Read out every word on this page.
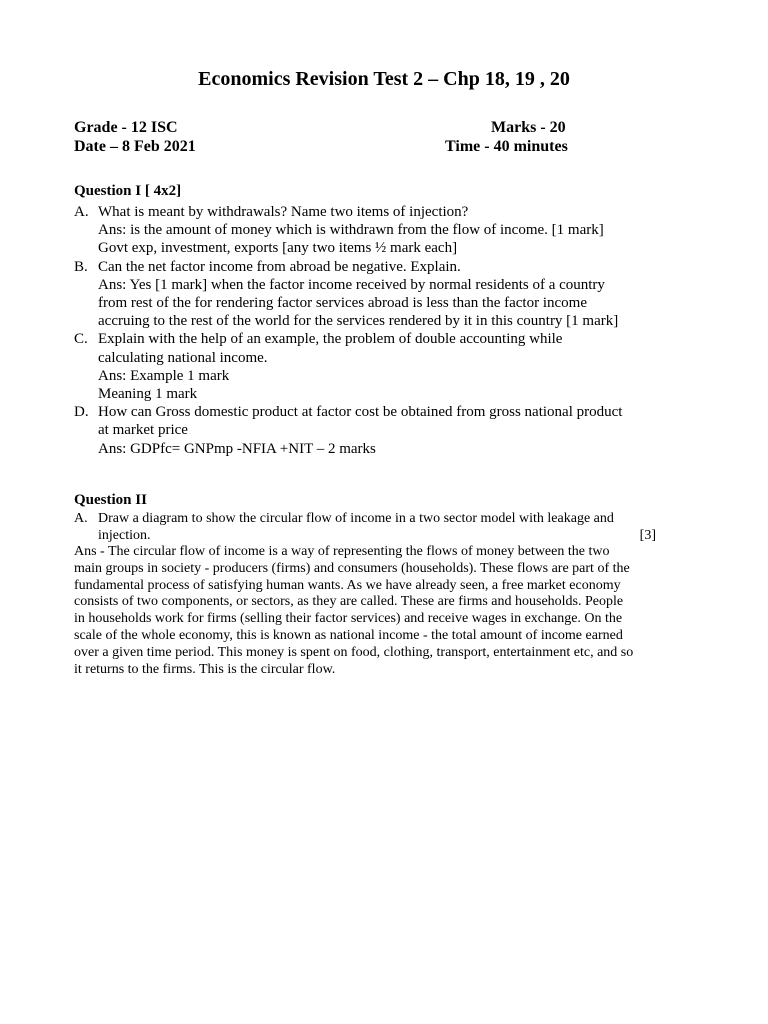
Economics Revision Test 2 – Chp 18, 19 , 20
Grade - 12 ISC
Date – 8 Feb 2021
Marks - 20
Time - 40 minutes
Question I [ 4x2]
A. What is meant by withdrawals? Name two items of injection?
Ans: is the amount of money which is withdrawn from the flow of income. [1 mark]
Govt exp, investment, exports [any two items ½ mark each]
B. Can the net factor income from abroad be negative. Explain.
Ans: Yes [1 mark] when the factor income received by normal residents of a country
from rest of the for rendering factor services abroad is less than the factor income
accruing to the rest of the world for the services rendered by it in this country [1 mark]
C. Explain with the help of an example, the problem of double accounting while
calculating national income.
Ans: Example 1 mark
Meaning 1 mark
D. How can Gross domestic product at factor cost be obtained from gross national product
at market price
Ans: GDPfc= GNPmp -NFIA +NIT – 2 marks
Question II
A. Draw a diagram to show the circular flow of income in a two sector model with leakage and
injection.	[3]
Ans - The circular flow of income is a way of representing the flows of money between the two
main groups in society - producers (firms) and consumers (households). These flows are part of the
fundamental process of satisfying human wants. As we have already seen, a free market economy
consists of two components, or sectors, as they are called. These are firms and households. People
in households work for firms (selling their factor services) and receive wages in exchange. On the
scale of the whole economy, this is known as national income - the total amount of income earned
over a given time period. This money is spent on food, clothing, transport, entertainment etc, and so
it returns to the firms. This is the circular flow.
